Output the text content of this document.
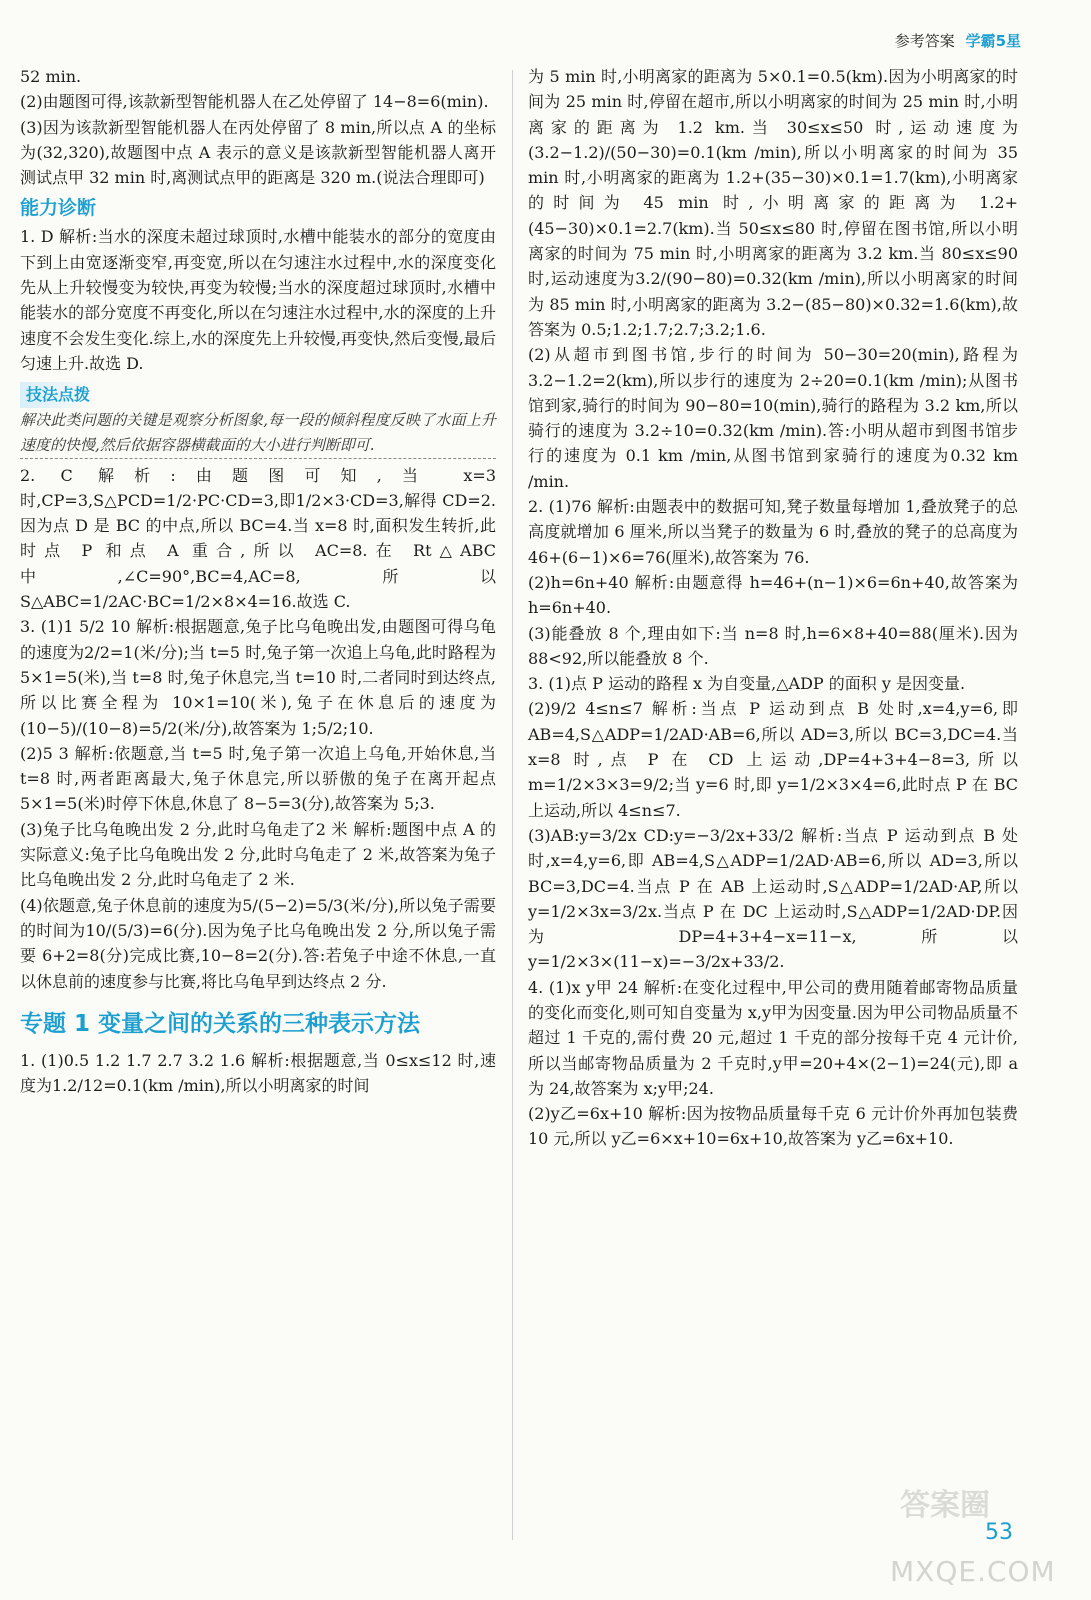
参考答案 学霸5星

52 min.

(2)由题图可得,该款新型智能机器人在乙处停留了 14−8=6(min).

(3)因为该款新型智能机器人在丙处停留了 8 min,所以点 A 的坐标为(32,320),故题图中点 A 表示的意义是该款新型智能机器人离开测试点甲 32 min 时,离测试点甲的距离是 320 m.(说法合理即可)

能力诊断

1. D 解析:当水的深度未超过球顶时,水槽中能装水的部分的宽度由下到上由宽逐渐变窄,再变宽,所以在匀速注水过程中,水的深度变化先从上升较慢变为较快,再变为较慢;当水的深度超过球顶时,水槽中能装水的部分宽度不再变化,所以在匀速注水过程中,水的深度的上升速度不会发生变化.综上,水的深度先上升较慢,再变快,然后变慢,最后匀速上升.故选 D.

技法点拨

解决此类问题的关键是观察分析图象,每一段的倾斜程度反映了水面上升速度的快慢,然后依据容器横截面的大小进行判断即可.

2. C 解析:由题图可知,当 x=3 时,CP=3,S△PCD=1/2·PC·CD=3,即1/2×3·CD=3,解得 CD=2.因为点 D 是 BC 的中点,所以 BC=4.当 x=8 时,面积发生转折,此时点 P 和点 A 重合,所以 AC=8.在 Rt△ABC 中,∠C=90°,BC=4,AC=8,所以 S△ABC=1/2AC·BC=1/2×8×4=16.故选 C.

3. (1)1 5/2 10 解析:根据题意,兔子比乌龟晚出发,由题图可得乌龟的速度为2/2=1(米/分);当 t=5 时,兔子第一次追上乌龟,此时路程为 5×1=5(米),当 t=8 时,兔子休息完,当 t=10 时,二者同时到达终点,所以比赛全程为 10×1=10(米),兔子在休息后的速度为(10−5)/(10−8)=5/2(米/分),故答案为 1;5/2;10.

(2)5 3 解析:依题意,当 t=5 时,兔子第一次追上乌龟,开始休息,当 t=8 时,两者距离最大,兔子休息完,所以骄傲的兔子在离开起点 5×1=5(米)时停下休息,休息了 8−5=3(分),故答案为 5;3.

(3)兔子比乌龟晚出发 2 分,此时乌龟走了2 米 解析:题图中点 A 的实际意义:兔子比乌龟晚出发 2 分,此时乌龟走了 2 米,故答案为兔子比乌龟晚出发 2 分,此时乌龟走了 2 米.

(4)依题意,兔子休息前的速度为5/(5−2)=5/3(米/分),所以兔子需要的时间为10/(5/3)=6(分).因为兔子比乌龟晚出发 2 分,所以兔子需要 6+2=8(分)完成比赛,10−8=2(分).答:若兔子中途不休息,一直以休息前的速度参与比赛,将比乌龟早到达终点 2 分.

专题 1 变量之间的关系的三种表示方法

1. (1)0.5 1.2 1.7 2.7 3.2 1.6 解析:根据题意,当 0≤x≤12 时,速度为1.2/12=0.1(km /min),所以小明离家的时间

为 5 min 时,小明离家的距离为 5×0.1=0.5(km).因为小明离家的时间为 25 min 时,停留在超市,所以小明离家的时间为 25 min 时,小明离家的距离为 1.2 km.当 30≤x≤50 时,运动速度为(3.2−1.2)/(50−30)=0.1(km /min),所以小明离家的时间为 35 min 时,小明离家的距离为 1.2+(35−30)×0.1=1.7(km),小明离家的时间为 45 min 时,小明离家的距离为 1.2+(45−30)×0.1=2.7(km).当 50≤x≤80 时,停留在图书馆,所以小明离家的时间为 75 min 时,小明离家的距离为 3.2 km.当 80≤x≤90 时,运动速度为3.2/(90−80)=0.32(km /min),所以小明离家的时间为 85 min 时,小明离家的距离为 3.2−(85−80)×0.32=1.6(km),故答案为 0.5;1.2;1.7;2.7;3.2;1.6.

(2)从超市到图书馆,步行的时间为 50−30=20(min),路程为 3.2−1.2=2(km),所以步行的速度为 2÷20=0.1(km /min);从图书馆到家,骑行的时间为 90−80=10(min),骑行的路程为 3.2 km,所以骑行的速度为 3.2÷10=0.32(km /min).答:小明从超市到图书馆步行的速度为 0.1 km /min,从图书馆到家骑行的速度为0.32 km /min.

2. (1)76 解析:由题表中的数据可知,凳子数量每增加 1,叠放凳子的总高度就增加 6 厘米,所以当凳子的数量为 6 时,叠放的凳子的总高度为 46+(6−1)×6=76(厘米),故答案为 76.

(2)h=6n+40 解析:由题意得 h=46+(n−1)×6=6n+40,故答案为 h=6n+40.

(3)能叠放 8 个,理由如下:当 n=8 时,h=6×8+40=88(厘米).因为 88<92,所以能叠放 8 个.

3. (1)点 P 运动的路程 x 为自变量,△ADP 的面积 y 是因变量.

(2)9/2 4≤n≤7 解析:当点 P 运动到点 B 处时,x=4,y=6,即 AB=4,S△ADP=1/2AD·AB=6,所以 AD=3,所以 BC=3,DC=4.当 x=8 时,点 P 在 CD 上运动,DP=4+3+4−8=3,所以 m=1/2×3×3=9/2;当 y=6 时,即 y=1/2×3×4=6,此时点 P 在 BC 上运动,所以 4≤n≤7.

(3)AB:y=3/2x CD:y=−3/2x+33/2 解析:当点 P 运动到点 B 处时,x=4,y=6,即 AB=4,S△ADP=1/2AD·AB=6,所以 AD=3,所以 BC=3,DC=4.当点 P 在 AB 上运动时,S△ADP=1/2AD·AP,所以 y=1/2×3x=3/2x.当点 P 在 DC 上运动时,S△ADP=1/2AD·DP.因为 DP=4+3+4−x=11−x,所以 y=1/2×3×(11−x)=−3/2x+33/2.

4. (1)x y甲 24 解析:在变化过程中,甲公司的费用随着邮寄物品质量的变化而变化,则可知自变量为 x,y甲为因变量.因为甲公司物品质量不超过 1 千克的,需付费 20 元,超过 1 千克的部分按每千克 4 元计价,所以当邮寄物品质量为 2 千克时,y甲=20+4×(2−1)=24(元),即 a 为 24,故答案为 x;y甲;24.

(2)y乙=6x+10 解析:因为按物品质量每千克 6 元计价外再加包装费 10 元,所以 y乙=6×x+10=6x+10,故答案为 y乙=6x+10.

答案圈
53
MXQE.COM
